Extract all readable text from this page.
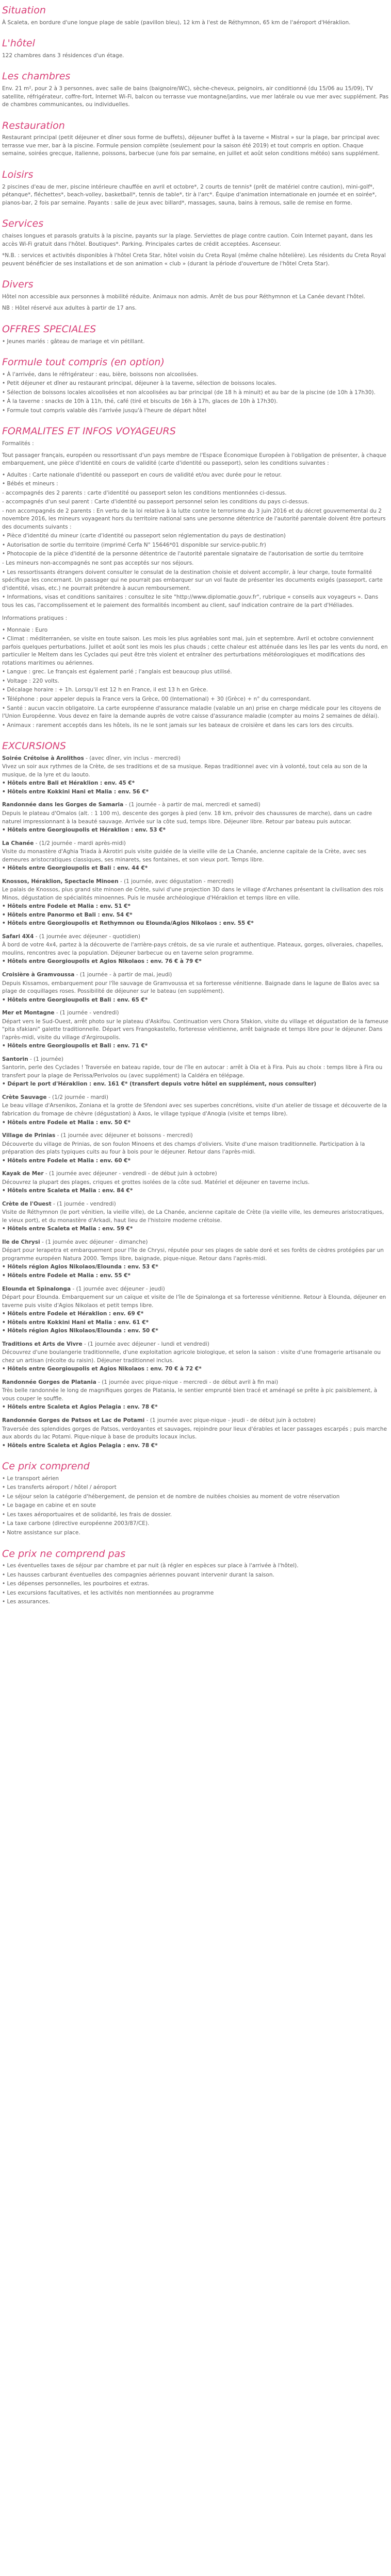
Situation

À Scaleta, en bordure d'une longue plage de sable (pavillon bleu), 12 km à l'est de Réthymnon, 65 km de l'aéroport d'Héraklion.

L'hôtel

122 chambres dans 3 résidences d'un étage.

Les chambres

Env. 21 m², pour 2 à 3 personnes, avec salle de bains (baignoire/WC), sèche-cheveux, peignoirs, air conditionné (du 15/06 au 15/09), TV satellite, réfrigérateur, coffre-fort, Internet Wi-Fi, balcon ou terrasse vue montagne/jardins, vue mer latérale ou vue mer avec supplément. Pas de chambres communicantes, ou individuelles.

Restauration

Restaurant principal (petit déjeuner et dîner sous forme de buffets), déjeuner buffet à la taverne « Mistral » sur la plage, bar principal avec terrasse vue mer, bar à la piscine. Formule pension complète (seulement pour la saison été 2019) et tout compris en option. Chaque semaine, soirées grecque, italienne, poissons, barbecue (une fois par semaine, en juillet et août selon conditions météo) sans supplément.

Loisirs

2 piscines d'eau de mer, piscine intérieure chauffée en avril et octobre*, 2 courts de tennis* (prêt de matériel contre caution), mini-golf*, pétanque*, fléchettes*, beach-volley, basketball*, tennis de table*, tir à l'arc*. Équipe d'animation internationale en journée et en soirée*, pianos-bar, 2 fois par semaine. Payants : salle de jeux avec billard*, massages, sauna, bains à remous, salle de remise en forme.

Services

chaises longues et parasols gratuits à la piscine, payants sur la plage. Serviettes de plage contre caution. Coin Internet payant, dans les accès Wi-Fi gratuit dans l'hôtel. Boutiques*. Parking. Principales cartes de crédit acceptées. Ascenseur.

*N.B. : services et activités disponibles à l'hôtel Creta Star, hôtel voisin du Creta Royal (même chaîne hôtelière). Les résidents du Creta Royal peuvent bénéficier de ses installations et de son animation « club » (durant la période d'ouverture de l'hôtel Creta Star).

Divers

Hôtel non accessible aux personnes à mobilité réduite. Animaux non admis. Arrêt de bus pour Réthymnon et La Canée devant l'hôtel.

NB : Hôtel réservé aux adultes à partir de 17 ans.

OFFRES SPECIALES
• Jeunes mariés : gâteau de mariage et vin pétillant.
Formule tout compris (en option)
• À l'arrivée, dans le réfrigérateur : eau, bière, boissons non alcoolisées.
• Petit déjeuner et dîner au restaurant principal, déjeuner à la taverne, sélection de boissons locales.
• Sélection de boissons locales alcoolisées et non alcoolisées au bar principal (de 18 h à minuit) et au bar de la piscine (de 10h à 17h30).
• À la taverne : snacks de 10h à 11h, thé, café (tiré et biscuits de 16h à 17h, glaces de 10h à 17h30).
• Formule tout compris valable dès l'arrivée jusqu'à l'heure de départ hôtel
FORMALITES ET INFOS VOYAGEURS

Formalités :

Tout passager français, européen ou ressortissant d'un pays membre de l'Espace Économique Européen à l'obligation de présenter, à chaque embarquement, une pièce d'identité en cours de validité (carte d'identité ou passeport), selon les conditions suivantes :

• Adultes : Carte nationale d'identité ou passeport en cours de validité et/ou avec durée pour le retour.
• Bébés et mineurs :
- accompagnés des 2 parents : carte d'identité ou passeport selon les conditions mentionnées ci-dessus.
- accompagnés d'un seul parent : Carte d'identité ou passeport personnel selon les conditions du pays ci-dessus.
- non accompagnés de 2 parents : En vertu de la loi relative à la lutte contre le terrorisme du 3 juin 2016 et du décret gouvernemental du 2 novembre 2016, les mineurs voyageant hors du territoire national sans une personne détentrice de l'autorité parentale doivent être porteurs des documents suivants :
• Pièce d'identité du mineur (carte d'identité ou passeport selon réglementation du pays de destination)
• Autorisation de sortie du territoire (imprimé Cerfa N° 15646*01 disponible sur service-public.fr)
• Photocopie de la pièce d'identité de la personne détentrice de l'autorité parentale signataire de l'autorisation de sortie du territoire
- Les mineurs non-accompagnés ne sont pas acceptés sur nos séjours.
• Les ressortissants étrangers doivent consulter le consulat de la destination choisie et doivent accomplir, à leur charge, toute formalité spécifique les concernant. Un passager qui ne pourrait pas embarquer sur un vol faute de présenter les documents exigés (passeport, carte d'identité, visas, etc.) ne pourrait prétendre à aucun remboursement.
• Informations, visas et conditions sanitaires : consultez le site "http://www.diplomatie.gouv.fr", rubrique « conseils aux voyageurs ». Dans tous les cas, l'accomplissement et le paiement des formalités incombent au client, sauf indication contraire de la part d'Héliades.

Informations pratiques :

• Monnaie : Euro
• Climat : méditerranéen, se visite en toute saison. Les mois les plus agréables sont mai, juin et septembre. Avril et octobre conviennent parfois quelques perturbations. Juillet et août sont les mois les plus chauds ; cette chaleur est atténuée dans les îles par les vents du nord, en particulier le Meltem dans les Cyclades qui peut être très violent et entraîner des perturbations météorologiques et modifications des rotations maritimes ou aériennes.
• Langue : grec. Le français est également parlé ; l'anglais est beaucoup plus utilisé.
• Voltage : 220 volts.
• Décalage horaire : + 1h. Lorsqu'il est 12 h en France, il est 13 h en Grèce.
• Téléphone : pour appeler depuis la France vers la Grèce, 00 (International) + 30 (Grèce) + n° du correspondant.
• Santé : aucun vaccin obligatoire. La carte européenne d'assurance maladie (valable un an) prise en charge médicale pour les citoyens de l'Union Européenne. Vous devez en faire la demande auprès de votre caisse d'assurance maladie (compter au moins 2 semaines de délai).
• Animaux : rarement acceptés dans les hôtels, ils ne le sont jamais sur les bateaux de croisière et dans les cars lors des circuits.
EXCURSIONS

Soirée Crétoise à Arolithos - (avec dîner, vin inclus - mercredi)

Vivez un soir aux rythmes de la Crète, de ses traditions et de sa musique. Repas traditionnel avec vin à volonté, tout cela au son de la musique, de la lyre et du laouto.

• Hôtels entre Bali et Héraklion : env. 45 €*

• Hôtels entre Kokkini Hani et Malia : env. 56 €*

Randonnée dans les Gorges de Samaria - (1 journée - à partir de mai, mercredi et samedi)

Depuis le plateau d'Omalos (alt. : 1 100 m), descente des gorges à pied (env. 18 km, prévoir des chaussures de marche), dans un cadre naturel impressionnant à la beauté sauvage. Arrivée sur la côte sud, temps libre. Déjeuner libre. Retour par bateau puis autocar.

• Hôtels entre Georgioupolis et Héraklion : env. 53 €*

La Chanée - (1/2 journée - mardi après-midi)

Visite du monastère d'Aghia Triada à Akrotiri puis visite guidée de la vieille ville de La Chanée, ancienne capitale de la Crète, avec ses demeures aristocratiques classiques, ses minarets, ses fontaines, et son vieux port. Temps libre.

• Hôtels entre Georgioupolis et Bali : env. 44 €*

Knossos, Héraklion, Spectacle Minoen - (1 journée, avec dégustation - mercredi)

Le palais de Knossos, plus grand site minoen de Crète, suivi d'une projection 3D dans le village d'Archanes présentant la civilisation des rois Minos, dégustation de spécialités minoennes. Puis le musée archéologique d'Héraklion et temps libre en ville.

• Hôtels entre Fodele et Malia : env. 51 €*

• Hôtels entre Panormo et Bali : env. 54 €*

• Hôtels entre Georgioupolis et Rethymnon ou Elounda/Agios Nikolaos : env. 55 €*

Safari 4X4 - (1 journée avec déjeuner - quotidien)

À bord de votre 4x4, partez à la découverte de l'arrière-pays crétois, de sa vie rurale et authentique. Plateaux, gorges, oliveraies, chapelles, moulins, rencontres avec la population. Déjeuner barbecue ou en taverne selon programme.

• Hôtels entre Georgioupolis et Agios Nikolaos : env. 76 € à 79 €*

Croisière à Gramvoussa - (1 journée - à partir de mai, jeudi)

Depuis Kissamos, embarquement pour l'île sauvage de Gramvoussa et sa forteresse vénitienne. Baignade dans le lagune de Balos avec sa plage de coquillages roses. Possibilité de déjeuner sur le bateau (en supplément).

• Hôtels entre Georgioupolis et Bali : env. 65 €*

Mer et Montagne - (1 journée - vendredi)

Départ vers le Sud-Ouest, arrêt photo sur le plateau d'Askifou. Continuation vers Chora Sfakion, visite du village et dégustation de la fameuse "pita sfakiani" galette traditionnelle. Départ vers Frangokastello, forteresse vénitienne, arrêt baignade et temps libre pour le déjeuner. Dans l'après-midi, visite du village d'Argiroupolis.

• Hôtels entre Georgioupolis et Bali : env. 71 €*

Santorin - (1 journée)

Santorin, perle des Cyclades ! Traversée en bateau rapide, tour de l'île en autocar : arrêt à Oia et à Fira. Puis au choix : temps libre à Fira ou transfert pour la plage de Perissa/Perivolos ou (avec supplément) la Caldéra en télépage.

• Départ le port d'Héraklion : env. 161 €* (transfert depuis votre hôtel en supplément, nous consulter)

Crète Sauvage - (1/2 journée - mardi)

Le beau village d'Arsenikos, Zoniana et la grotte de Sfendoni avec ses superbes concrétions, visite d'un atelier de tissage et découverte de la fabrication du fromage de chèvre (dégustation) à Axos, le village typique d'Anogia (visite et temps libre).

• Hôtels entre Fodele et Malia : env. 50 €*

Village de Prinias - (1 journée avec déjeuner et boissons - mercredi)

Découverte du village de Prinias, de son foulon Minoens et des champs d'oliviers. Visite d'une maison traditionnelle. Participation à la préparation des plats typiques cuits au four à bois pour le déjeuner. Retour dans l'après-midi.

• Hôtels entre Fodele et Malia : env. 60 €*

Kayak de Mer - (1 journée avec déjeuner - vendredi - de début juin à octobre)

Découvrez la plupart des plages, criques et grottes isolées de la côte sud. Matériel et déjeuner en taverne inclus.

• Hôtels entre Scaleta et Malia : env. 84 €*

Crète de l'Ouest - (1 journée - vendredi)

Visite de Réthymnon (le port vénitien, la vieille ville), de La Chanée, ancienne capitale de Crète (la vieille ville, les demeures aristocratiques, le vieux port), et du monastère d'Arkadi, haut lieu de l'histoire moderne crétoise.

• Hôtels entre Scaleta et Malia : env. 59 €*

Ile de Chrysi - (1 journée avec déjeuner - dimanche)

Départ pour Ierapetra et embarquement pour l'île de Chrysi, réputée pour ses plages de sable doré et ses forêts de cèdres protégées par un programme européen Natura 2000. Temps libre, baignade, pique-nique. Retour dans l'après-midi.

• Hôtels région Agios Nikolaos/Elounda : env. 53 €*

• Hôtels entre Fodele et Malia : env. 55 €*

Elounda et Spinalonga - (1 journée avec déjeuner - jeudi)

Départ pour Elounda. Embarquement sur un caïque et visite de l'île de Spinalonga et sa forteresse vénitienne. Retour à Elounda, déjeuner en taverne puis visite d'Agios Nikolaos et petit temps libre.

• Hôtels entre Fodele et Héraklion : env. 69 €*

• Hôtels entre Kokkini Hani et Malia : env. 61 €*

• Hôtels région Agios Nikolaos/Elounda : env. 50 €*

Traditions et Arts de Vivre - (1 journée avec déjeuner - lundi et vendredi)

Découvrez d'une boulangerie traditionnelle, d'une exploitation agricole biologique, et selon la saison : visite d'une fromagerie artisanale ou chez un artisan (récolte du raisin). Déjeuner traditionnel inclus.

• Hôtels entre Georgioupolis et Agios Nikolaos : env. 70 € à 72 €*

Randonnée Gorges de Platania - (1 journée avec pique-nique - mercredi - de début avril à fin mai)

Très belle randonnée le long de magnifiques gorges de Platania, le sentier emprunté bien tracé et aménagé se prête à pic paisiblement, à vous couper le souffle.

• Hôtels entre Scaleta et Agios Pelagia : env. 78 €*

Randonnée Gorges de Patsos et Lac de Potami - (1 journée avec pique-nique - jeudi - de début juin à octobre)

Traversée des splendides gorges de Patsos, verdoyantes et sauvages, rejoindre pour lieux d'érables et lacer passages escarpés ; puis marche aux abords du lac Potami. Pique-nique à base de produits locaux inclus.

• Hôtels entre Scaleta et Agios Pelagia : env. 78 €*

Ce prix comprend
• Le transport aérien
• Les transferts aéroport / hôtel / aéroport
• Le séjour selon la catégorie d'hébergement, de pension et de nombre de nuitées choisies au moment de votre réservation
• Le bagage en cabine et en soute
• Les taxes aéroportuaires et de solidarité, les frais de dossier.
• La taxe carbone (directive européenne 2003/87/CE).
• Notre assistance sur place.
Ce prix ne comprend pas
• Les éventuelles taxes de séjour par chambre et par nuit (à régler en espèces sur place à l'arrivée à l'hôtel).
• Les hausses carburant éventuelles des compagnies aériennes pouvant intervenir durant la saison.
• Les dépenses personnelles, les pourboires et extras.
• Les excursions facultatives, et les activités non mentionnées au programme
• Les assurances.
